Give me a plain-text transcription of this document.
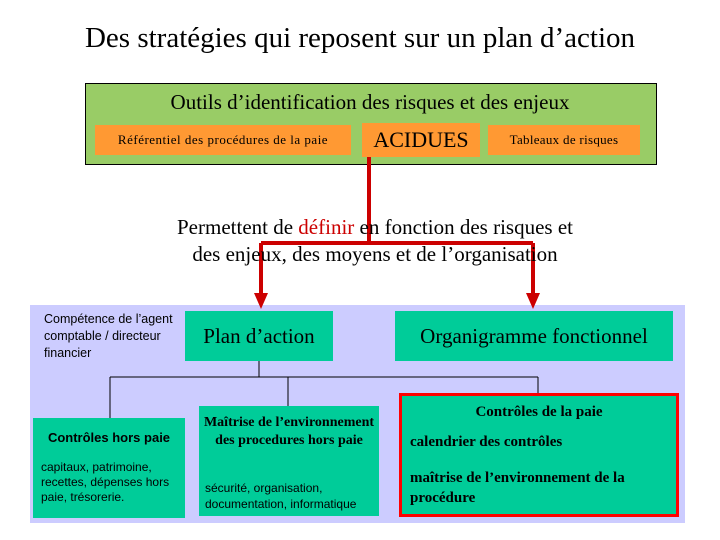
Des stratégies qui reposent sur un plan d’action
Outils d’identification des risques et des enjeux
Référentiel des procédures de la paie	ACIDUES	Tableaux de risques
Permettent de définir en fonction des risques et
des enjeux, des moyens et de l’organisation
Compétence de l’agent comptable / directeur financier
Plan d’action	Organigramme fonctionnel
Contrôles hors paie
capitaux, patrimoine, recettes, dépenses hors paie, trésorerie.
Maîtrise de l’environnement des procedures hors paie
sécurité, organisation, documentation, informatique
Contrôles de la paie
calendrier des contrôles
maîtrise de l’environnement de la procédure
